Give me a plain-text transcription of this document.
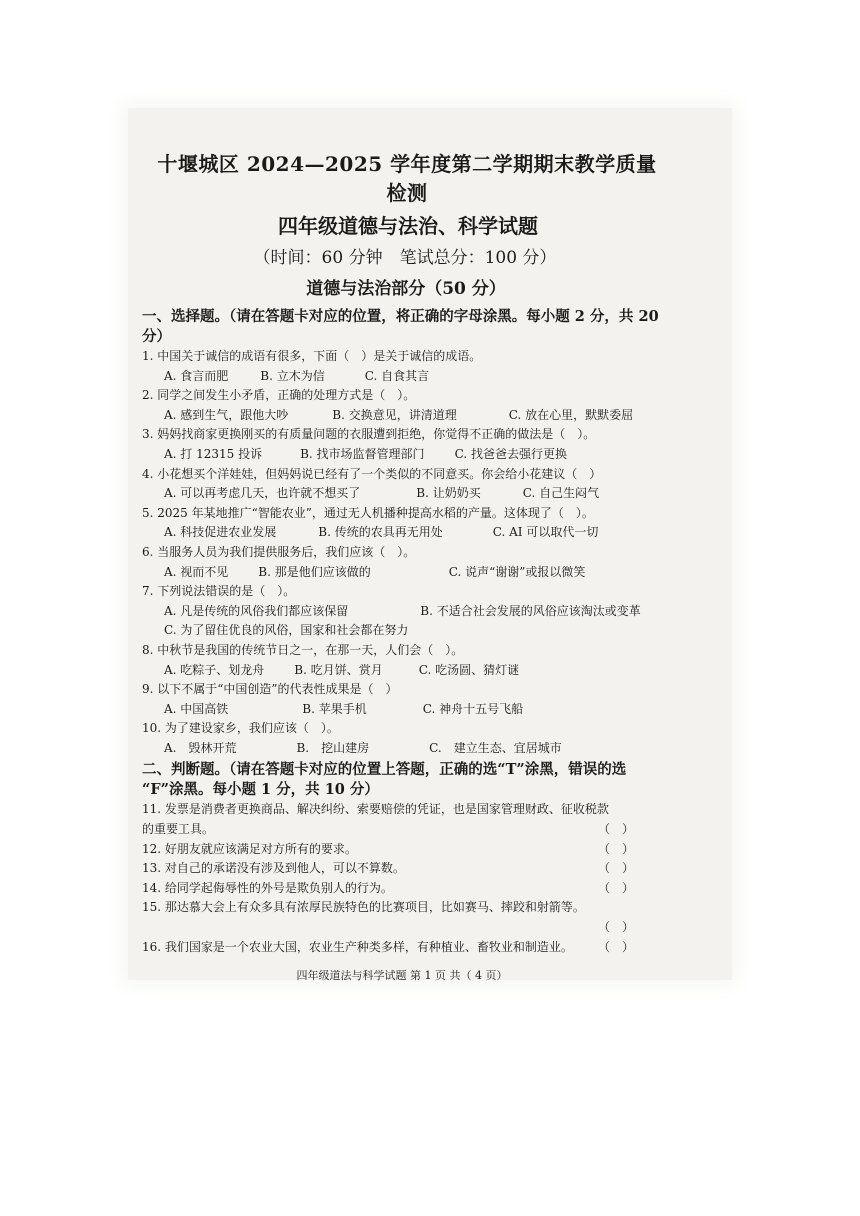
十堰城区 2024—2025 学年度第二学期期末教学质量检测
四年级道德与法治、科学试题
（时间：60 分钟　笔试总分：100 分）
道德与法治部分（50 分）
一、选择题。（请在答题卡对应的位置，将正确的字母涂黑。每小题 2 分，共 20 分）
1. 中国关于诚信的成语有很多，下面（　）是关于诚信的成语。
A. 食言而肥	B. 立木为信	C. 自食其言
2. 同学之间发生小矛盾，正确的处理方式是（　）。
A. 感到生气，跟他大吵	B. 交换意见，讲清道理	C. 放在心里，默默委屈
3. 妈妈找商家更换刚买的有质量问题的衣服遭到拒绝，你觉得不正确的做法是（　）。
A. 打 12315 投诉	B. 找市场监督管理部门	C. 找爸爸去强行更换
4. 小花想买个洋娃娃，但妈妈说已经有了一个类似的不同意买。你会给小花建议（　）
A. 可以再考虑几天，也许就不想买了	B. 让奶奶买	C. 自己生闷气
5. 2025 年某地推广“智能农业”，通过无人机播种提高水稻的产量。这体现了（　）。
A. 科技促进农业发展	B. 传统的农具再无用处	C. AI 可以取代一切
6. 当服务人员为我们提供服务后，我们应该（　）。
A. 视而不见	B. 那是他们应该做的	C. 说声“谢谢”或报以微笑
7. 下列说法错误的是（　）。
A. 凡是传统的风俗我们都应该保留	B. 不适合社会发展的风俗应该淘汰或变革
C. 为了留住优良的风俗，国家和社会都在努力
8. 中秋节是我国的传统节日之一，在那一天，人们会（　）。
A. 吃粽子、划龙舟	B. 吃月饼、赏月	C. 吃汤圆、猜灯谜
9. 以下不属于“中国创造”的代表性成果是（　）
A. 中国高铁	B. 苹果手机	C. 神舟十五号飞船
10. 为了建设家乡，我们应该（　）。
A.　毁林开荒	B.　挖山建房	C.　建立生态、宜居城市
二、判断题。（请在答题卡对应的位置上答题，正确的选“T”涂黑，错误的选
“F”涂黑。每小题 1 分，共 10 分）
11. 发票是消费者更换商品、解决纠纷、索要赔偿的凭证，也是国家管理财政、征收税款
的重要工具。	（　）
12. 好朋友就应该满足对方所有的要求。	（　）
13. 对自己的承诺没有涉及到他人，可以不算数。	（　）
14. 给同学起侮辱性的外号是欺负别人的行为。	（　）
15. 那达慕大会上有众多具有浓厚民族特色的比赛项目，比如赛马、摔跤和射箭等。
（　）
16. 我们国家是一个农业大国，农业生产种类多样，有种植业、畜牧业和制造业。 （　）
四年级道法与科学试题 第 1 页 共（ 4 页）
